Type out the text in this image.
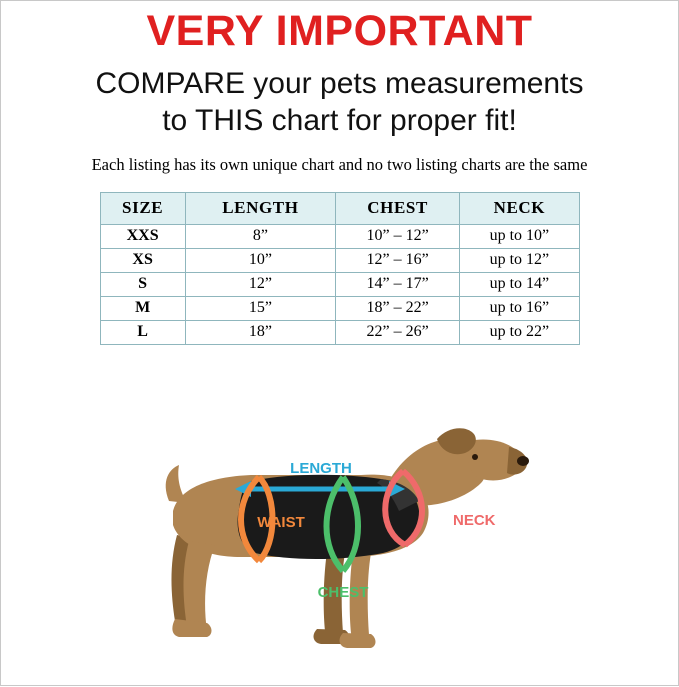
VERY IMPORTANT
COMPARE your pets measurements
to THIS chart for proper fit!
Each listing has its own unique chart and no two listing charts are the same
SIZE	LENGTH	CHEST	NECK
XXS	8”	10” – 12”	up to 10”
XS	10”	12” – 16”	up to 12”
S	12”	14” – 17”	up to 14”
M	15”	18” – 22”	up to 16”
L	18”	22” – 26”	up to 22”
LENGTH
WAIST
CHEST
NECK
